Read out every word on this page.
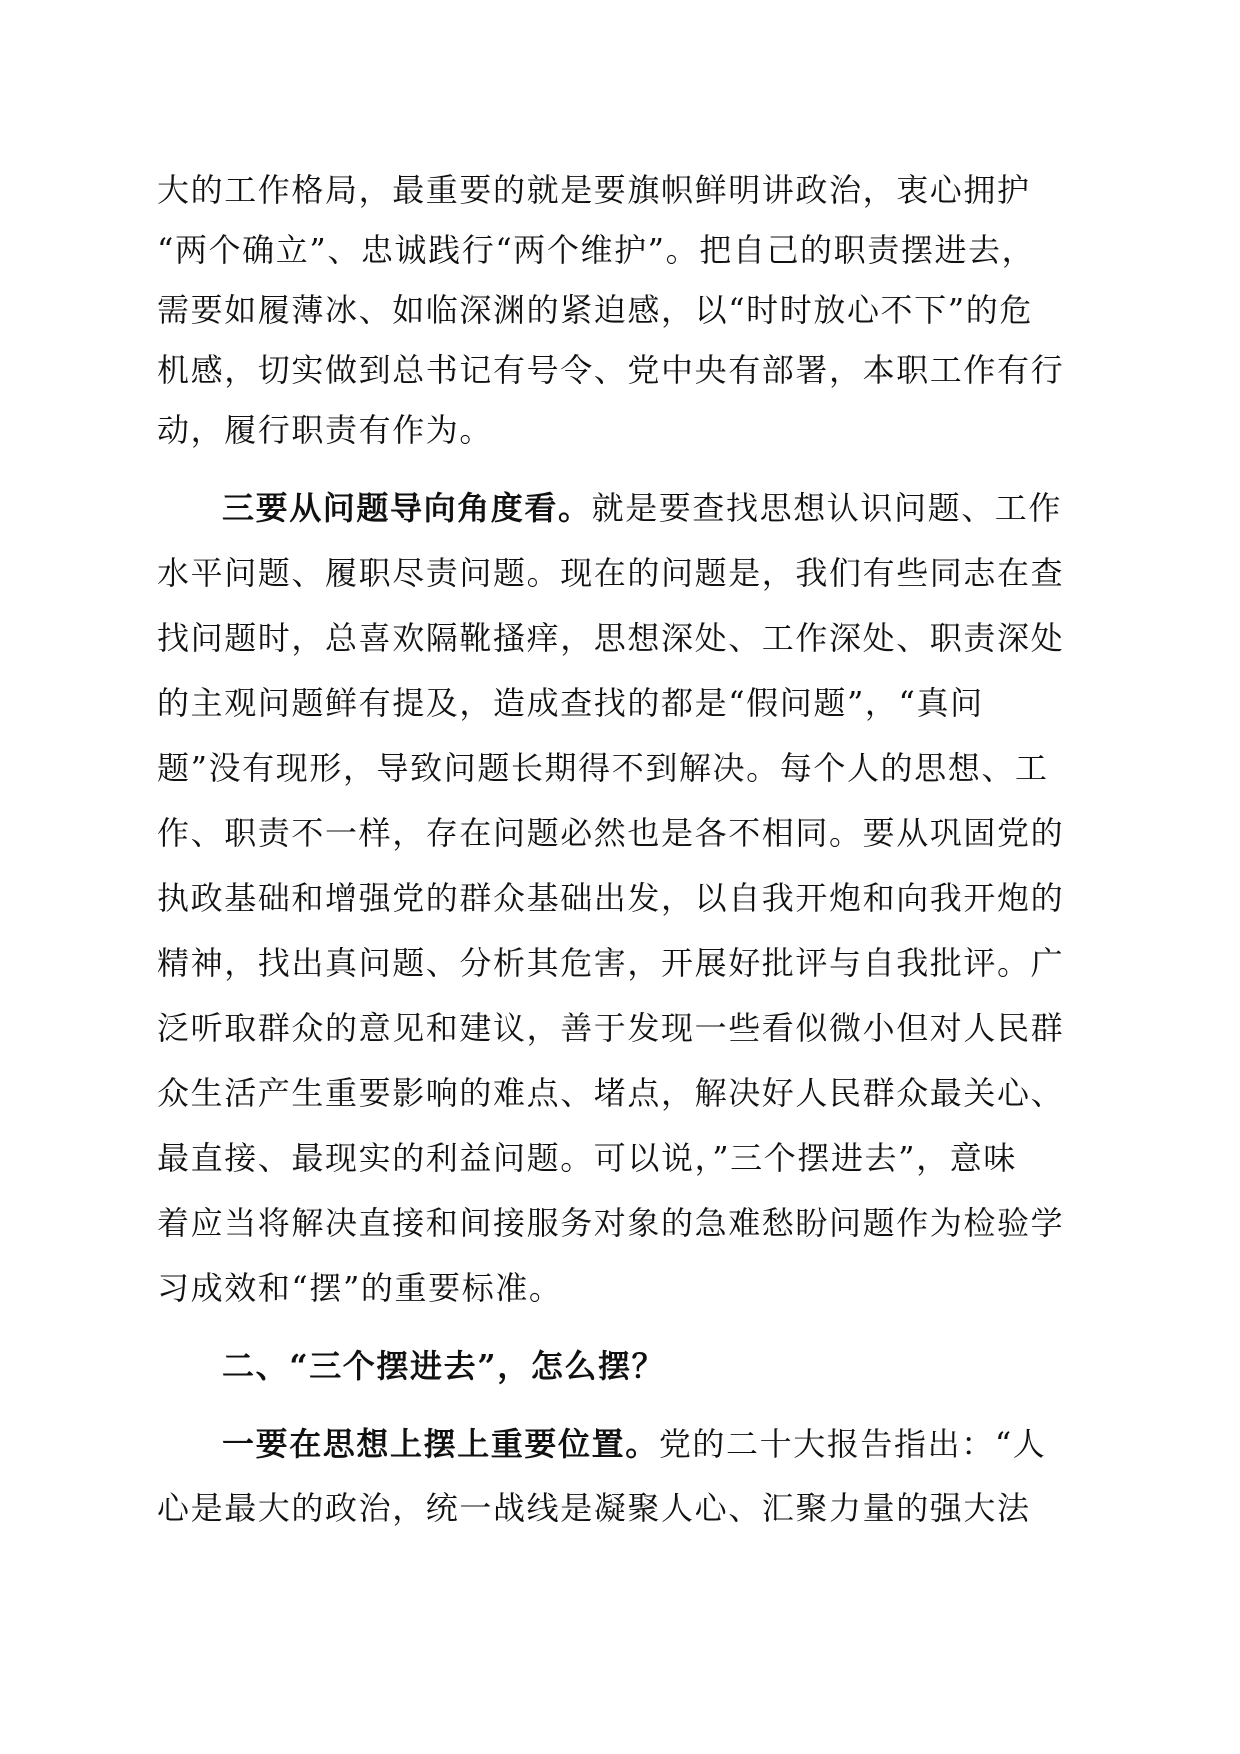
大的工作格局，最重要的就是要旗帜鲜明讲政治，衷心拥护
“两个确立”、忠诚践行“两个维护”。把自己的职责摆进去，
需要如履薄冰、如临深渊的紧迫感，以“时时放心不下”的危
机感，切实做到总书记有号令、党中央有部署，本职工作有行
动，履行职责有作为。
三要从问题导向角度看。就是要查找思想认识问题、工作
水平问题、履职尽责问题。现在的问题是，我们有些同志在查
找问题时，总喜欢隔靴搔痒，思想深处、工作深处、职责深处
的主观问题鲜有提及，造成查找的都是“假问题”，“真问
题”没有现形，导致问题长期得不到解决。每个人的思想、工
作、职责不一样，存在问题必然也是各不相同。要从巩固党的
执政基础和增强党的群众基础出发，以自我开炮和向我开炮的
精神，找出真问题、分析其危害，开展好批评与自我批评。广
泛听取群众的意见和建议，善于发现一些看似微小但对人民群
众生活产生重要影响的难点、堵点，解决好人民群众最关心、
最直接、最现实的利益问题。可以说，”三个摆进去”，意味
着应当将解决直接和间接服务对象的急难愁盼问题作为检验学
习成效和“摆”的重要标准。
二、“三个摆进去”，怎么摆？
一要在思想上摆上重要位置。党的二十大报告指出：“人
心是最大的政治，统一战线是凝聚人心、汇聚力量的强大法
